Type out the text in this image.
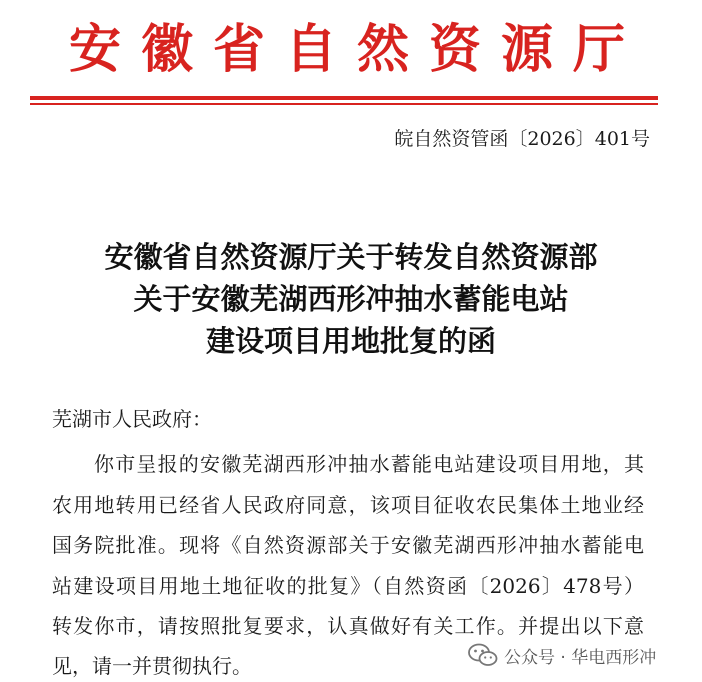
安徽省自然资源厅
皖自然资管函〔2026〕401号
安徽省自然资源厅关于转发自然资源部
关于安徽芜湖西形冲抽水蓄能电站
建设项目用地批复的函
芜湖市人民政府：
你市呈报的安徽芜湖西形冲抽水蓄能电站建设项目用地，其
农用地转用已经省人民政府同意，该项目征收农民集体土地业经
国务院批准。现将《自然资源部关于安徽芜湖西形冲抽水蓄能电
站建设项目用地土地征收的批复》（自然资函〔2026〕478号）
转发你市，请按照批复要求，认真做好有关工作。并提出以下意
见，请一并贯彻执行。	公众号 · 华电西形冲
